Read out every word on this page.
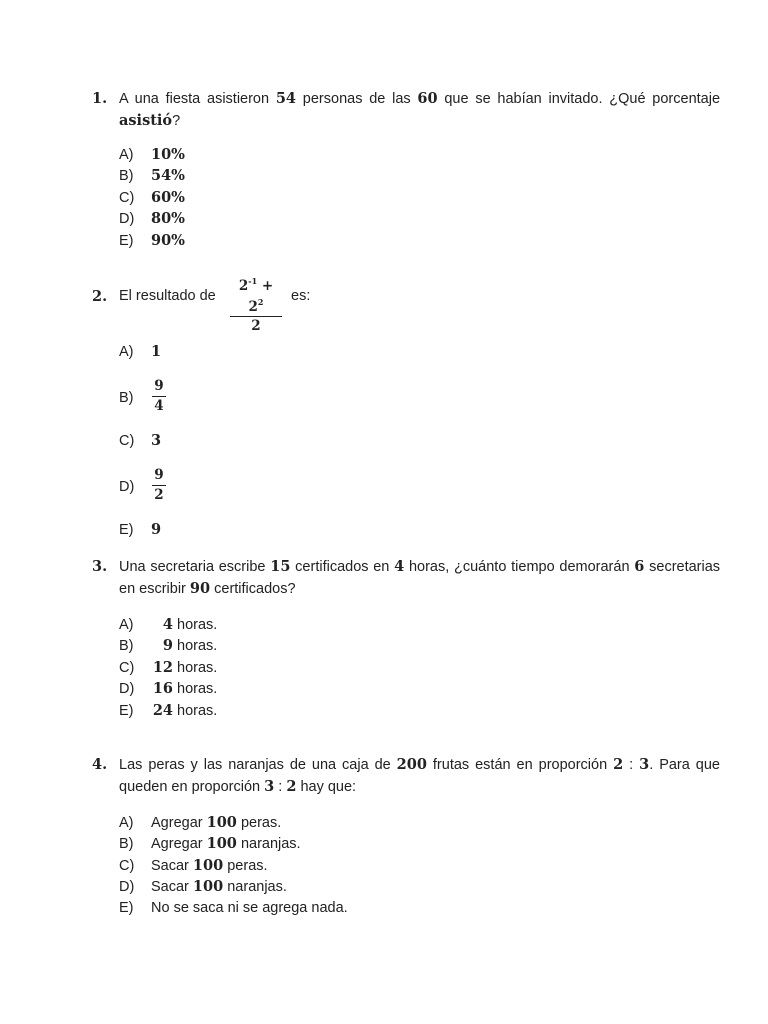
1. A una fiesta asistieron 54 personas de las 60 que se habían invitado. ¿Qué porcentaje asistió?
A) 10%
B) 54%
C) 60%
D) 80%
E) 90%
2. El resultado de
$2^{-1} + 2^2$
2
es:
A) 1
B)
9
4
C) 3
D)
9
2
E) 9
3. Una secretaria escribe 15 certificados en 4 horas, ¿cuánto tiempo demorarán 6 secretarias en escribir 90 certificados?
A) 4 horas.
B) 9 horas.
C) 12 horas.
D) 16 horas.
E) 24 horas.
4. Las peras y las naranjas de una caja de 200 frutas están en proporción 2 : 3. Para que queden en proporción 3 : 2 hay que:
A) Agregar 100 peras.
B) Agregar 100 naranjas.
C) Sacar 100 peras.
D) Sacar 100 naranjas.
E) No se saca ni se agrega nada.
